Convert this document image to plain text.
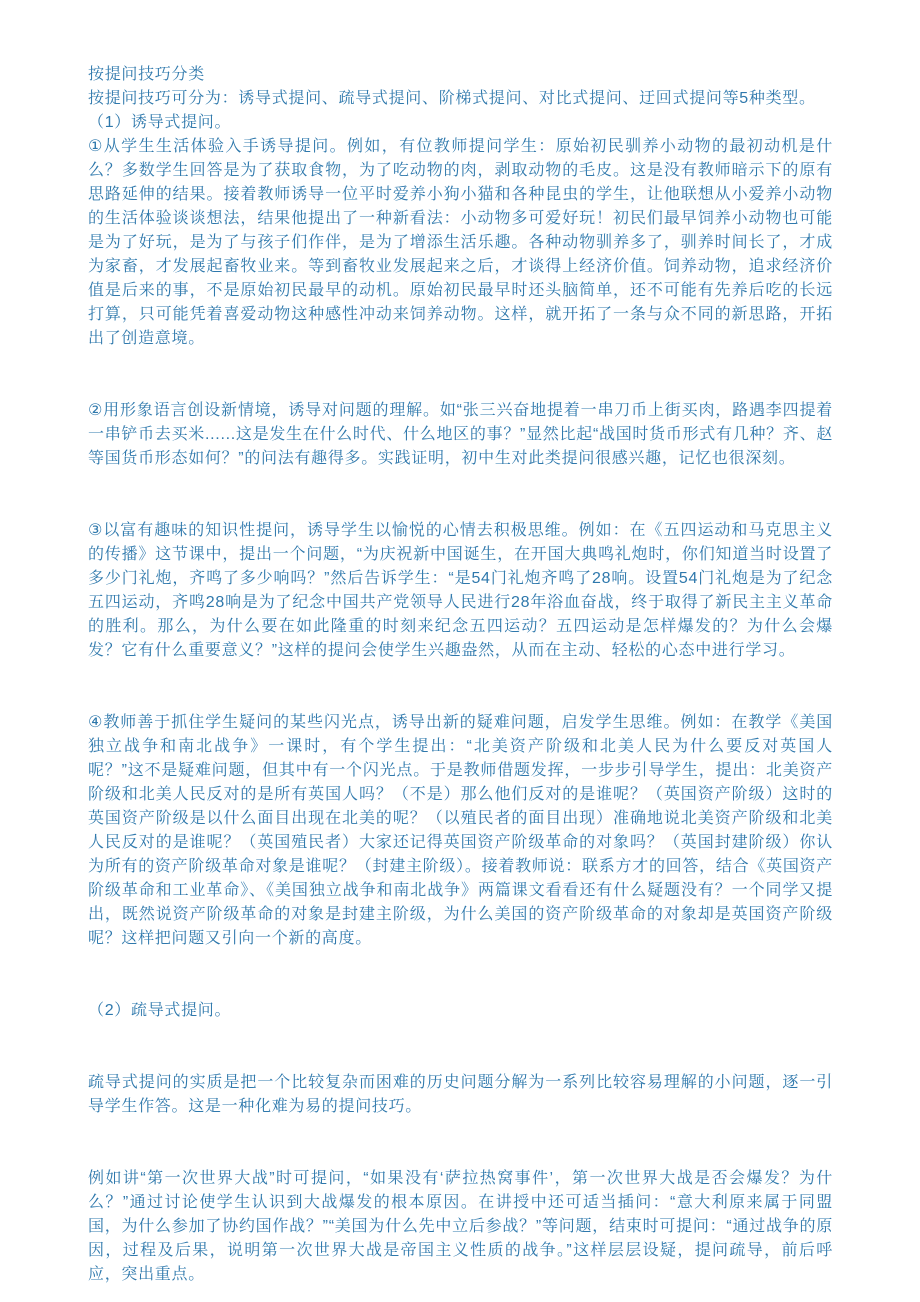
按提问技巧分类

按提问技巧可分为：诱导式提问、疏导式提问、阶梯式提问、对比式提问、迂回式提问等5种类型。

（1）诱导式提问。

①从学生生活体验入手诱导提问。例如，有位教师提问学生：原始初民驯养小动物的最初动机是什么？多数学生回答是为了获取食物，为了吃动物的肉，剥取动物的毛皮。这是没有教师暗示下的原有思路延伸的结果。接着教师诱导一位平时爱养小狗小猫和各种昆虫的学生，让他联想从小爱养小动物的生活体验谈谈想法，结果他提出了一种新看法：小动物多可爱好玩！初民们最早饲养小动物也可能是为了好玩，是为了与孩子们作伴，是为了增添生活乐趣。各种动物驯养多了，驯养时间长了，才成为家畜，才发展起畜牧业来。等到畜牧业发展起来之后，才谈得上经济价值。饲养动物，追求经济价值是后来的事，不是原始初民最早的动机。原始初民最早时还头脑简单，还不可能有先养后吃的长远打算，只可能凭着喜爱动物这种感性冲动来饲养动物。这样，就开拓了一条与众不同的新思路，开拓出了创造意境。

②用形象语言创设新情境，诱导对问题的理解。如“张三兴奋地提着一串刀币上街买肉，路遇李四提着一串铲币去买米......这是发生在什么时代、什么地区的事？”显然比起“战国时货币形式有几种？齐、赵等国货币形态如何？”的问法有趣得多。实践证明，初中生对此类提问很感兴趣，记忆也很深刻。

③以富有趣味的知识性提问，诱导学生以愉悦的心情去积极思维。例如：在《五四运动和马克思主义的传播》这节课中，提出一个问题，“为庆祝新中国诞生，在开国大典鸣礼炮时，你们知道当时设置了多少门礼炮，齐鸣了多少响吗？”然后告诉学生：“是54门礼炮齐鸣了28响。设置54门礼炮是为了纪念五四运动，齐鸣28响是为了纪念中国共产党领导人民进行28年浴血奋战，终于取得了新民主主义革命的胜利。那么，为什么要在如此隆重的时刻来纪念五四运动？五四运动是怎样爆发的？为什么会爆发？它有什么重要意义？”这样的提问会使学生兴趣盎然，从而在主动、轻松的心态中进行学习。

④教师善于抓住学生疑问的某些闪光点，诱导出新的疑难问题，启发学生思维。例如：在教学《美国独立战争和南北战争》一课时，有个学生提出：“北美资产阶级和北美人民为什么要反对英国人呢？”这不是疑难问题，但其中有一个闪光点。于是教师借题发挥，一步步引导学生，提出：北美资产阶级和北美人民反对的是所有英国人吗？（不是）那么他们反对的是谁呢？（英国资产阶级）这时的英国资产阶级是以什么面目出现在北美的呢？（以殖民者的面目出现）准确地说北美资产阶级和北美人民反对的是谁呢？（英国殖民者）大家还记得英国资产阶级革命的对象吗？（英国封建阶级）你认为所有的资产阶级革命对象是谁呢？（封建主阶级）。接着教师说：联系方才的回答，结合《英国资产阶级革命和工业革命》、《美国独立战争和南北战争》两篇课文看看还有什么疑题没有？一个同学又提出，既然说资产阶级革命的对象是封建主阶级，为什么美国的资产阶级革命的对象却是英国资产阶级呢？这样把问题又引向一个新的高度。

（2）疏导式提问。

疏导式提问的实质是把一个比较复杂而困难的历史问题分解为一系列比较容易理解的小问题，逐一引导学生作答。这是一种化难为易的提问技巧。

例如讲“第一次世界大战”时可提问，“如果没有‘萨拉热窝事件’，第一次世界大战是否会爆发？为什么？”通过讨论使学生认识到大战爆发的根本原因。在讲授中还可适当插问：“意大利原来属于同盟国，为什么参加了协约国作战？”“美国为什么先中立后参战？”等问题，结束时可提问：“通过战争的原因，过程及后果，说明第一次世界大战是帝国主义性质的战争。”这样层层设疑，提问疏导，前后呼应，突出重点。
